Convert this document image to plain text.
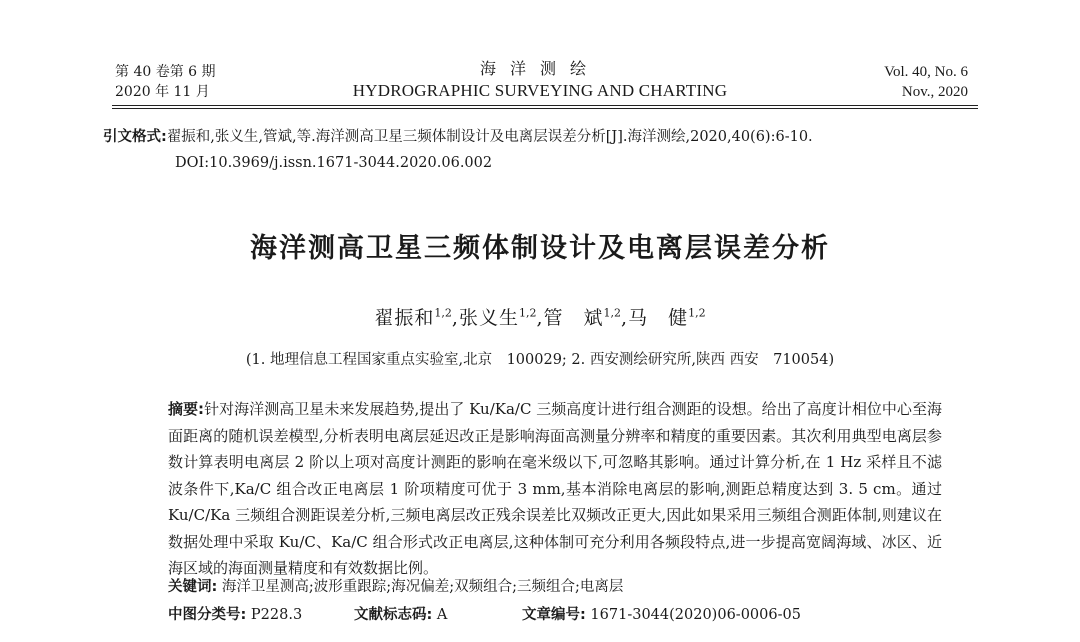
第 40 卷第 6 期
2020 年 11 月
海洋测绘
HYDROGRAPHIC SURVEYING AND CHARTING
Vol. 40, No. 6
Nov., 2020
引文格式:翟振和,张义生,管斌,等.海洋测高卫星三频体制设计及电离层误差分析[J].海洋测绘,2020,40(6):6-10.
DOI:10.3969/j.issn.1671-3044.2020.06.002
海洋测高卫星三频体制设计及电离层误差分析
翟振和$^{1,2}$,张义生$^{1,2}$,管　斌$^{1,2}$,马　健$^{1,2}$
(1. 地理信息工程国家重点实验室,北京　100029; 2. 西安测绘研究所,陕西 西安　710054)
摘要:针对海洋测高卫星未来发展趋势,提出了 Ku/Ka/C 三频高度计进行组合测距的设想。给出了高度计相位中心至海面距离的随机误差模型,分析表明电离层延迟改正是影响海面高测量分辨率和精度的重要因素。其次利用典型电离层参数计算表明电离层 2 阶以上项对高度计测距的影响在毫米级以下,可忽略其影响。通过计算分析,在 1 Hz 采样且不滤波条件下,Ka/C 组合改正电离层 1 阶项精度可优于 3 mm,基本消除电离层的影响,测距总精度达到 3. 5 cm。通过 Ku/C/Ka 三频组合测距误差分析,三频电离层改正残余误差比双频改正更大,因此如果采用三频组合测距体制,则建议在数据处理中采取 Ku/C、Ka/C 组合形式改正电离层,这种体制可充分利用各频段特点,进一步提高宽阔海域、冰区、近海区域的海面测量精度和有效数据比例。
关键词: 海洋卫星测高;波形重跟踪;海况偏差;双频组合;三频组合;电离层
中图分类号: P228.3	文献标志码: A	文章编号: 1671-3044(2020)06-0006-05
